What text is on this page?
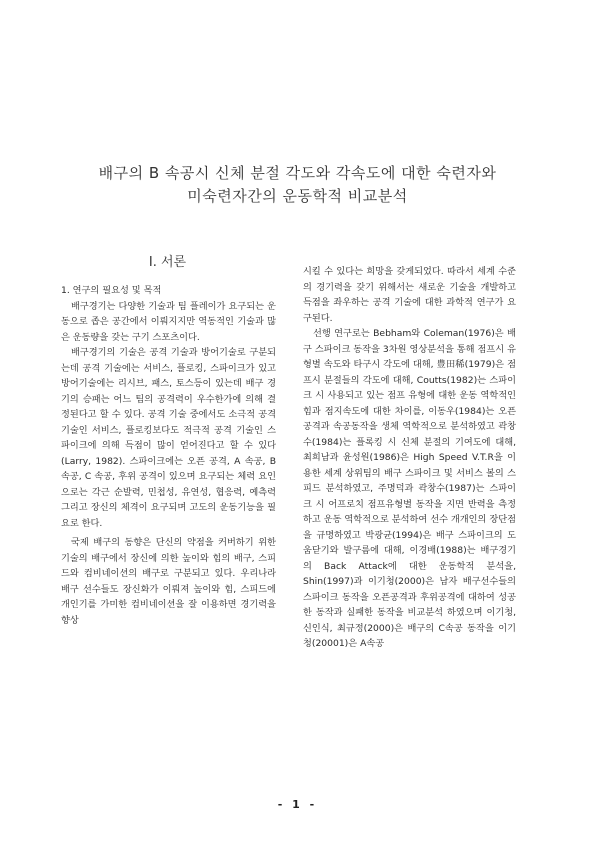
배구의 B 속공시 신체 분절 각도와 각속도에 대한 숙련자와
미숙련자간의 운동학적 비교분석
Ⅰ. 서론

1. 연구의 필요성 및 목적

배구경기는 다양한 기술과 팀 플레이가 요구되는 운동으로 좁은 공간에서 이뤄지지만 역동적인 기술과 많은 운동량을 갖는 구기 스포츠이다.

배구경기의 기술은 공격 기술과 방어기술로 구분되는데 공격 기술에는 서비스, 플로킹, 스파이크가 있고 방어기술에는 리시브, 패스, 토스등이 있는데 배구 경기의 승패는 어느 팀의 공격력이 우수한가에 의해 결정된다고 할 수 있다. 공격 기술 중에서도 소극적 공격 기술인 서비스, 플로킹보다도 적극적 공격 기술인 스파이크에 의해 득점이 많이 얻어진다고 할 수 있다(Larry, 1982). 스파이크에는 오픈 공격, A 속공, B 속공, C 속공, 후위 공격이 있으며 요구되는 체력 요인으로는 각근 순발력, 민첩성, 유연성, 협응력, 예측력 그리고 장신의 체격이 요구되며 고도의 운동기능을 필요로 한다.

국제 배구의 동향은 단신의 약점을 커버하기 위한 기술의 배구에서 장신에 의한 높이와 힘의 배구, 스피드와 컴비네이션의 배구로 구분되고 있다. 우리나라 배구 선수들도 장신화가 이뤄져 높이와 힘, 스피드에 개인기를 가미한 컴비네이션을 잘 이용하면 경기력을 향상

시킬 수 있다는 희망을 갖게되었다. 따라서 세계 수준의 경기력을 갖기 위해서는 새로운 기술을 개발하고 득점을 좌우하는 공격 기술에 대한 과학적 연구가 요구된다.

선행 연구로는 Bebham와 Coleman(1976)은 배구 스파이크 동작을 3차원 영상분석을 통해 점프시 유형별 속도와 타구시 각도에 대해, 豊田稀(1979)은 점프시 분절들의 각도에 대해, Coutts(1982)는 스파이크 시 사용되고 있는 점프 유형에 대한 운동 역학적인 힘과 점지속도에 대한 차이를, 이동우(1984)는 오픈 공격과 속공동작을 생체 역학적으로 분석하였고 곽창수(1984)는 플록킹 시 신체 분절의 기여도에 대해, 최희남과 윤성원(1986)은 High Speed V.T.R을 이용한 세계 상위팀의 배구 스파이크 및 서비스 볼의 스피드 분석하였고, 주명덕과 곽창수(1987)는 스파이크 시 어프로치 점프유형별 동작을 지면 반력을 측정하고 운동 역학적으로 분석하여 선수 개개인의 장단점을 규명하였고 박광균(1994)은 배구 스파이크의 도움닫기와 발구름에 대해, 이경배(1988)는 배구경기의 Back Attack에 대한 운동학적 분석을, Shin(1997)과 이기청(2000)은 남자 배구선수들의 스파이크 동작을 오픈공격과 후위공격에 대하여 성공한 동작과 실패한 동작을 비교분석 하였으며 이기청, 신인식, 최규정(2000)은 배구의 C속공 동작을 이기청(20001)은 A속공

- 1 -
